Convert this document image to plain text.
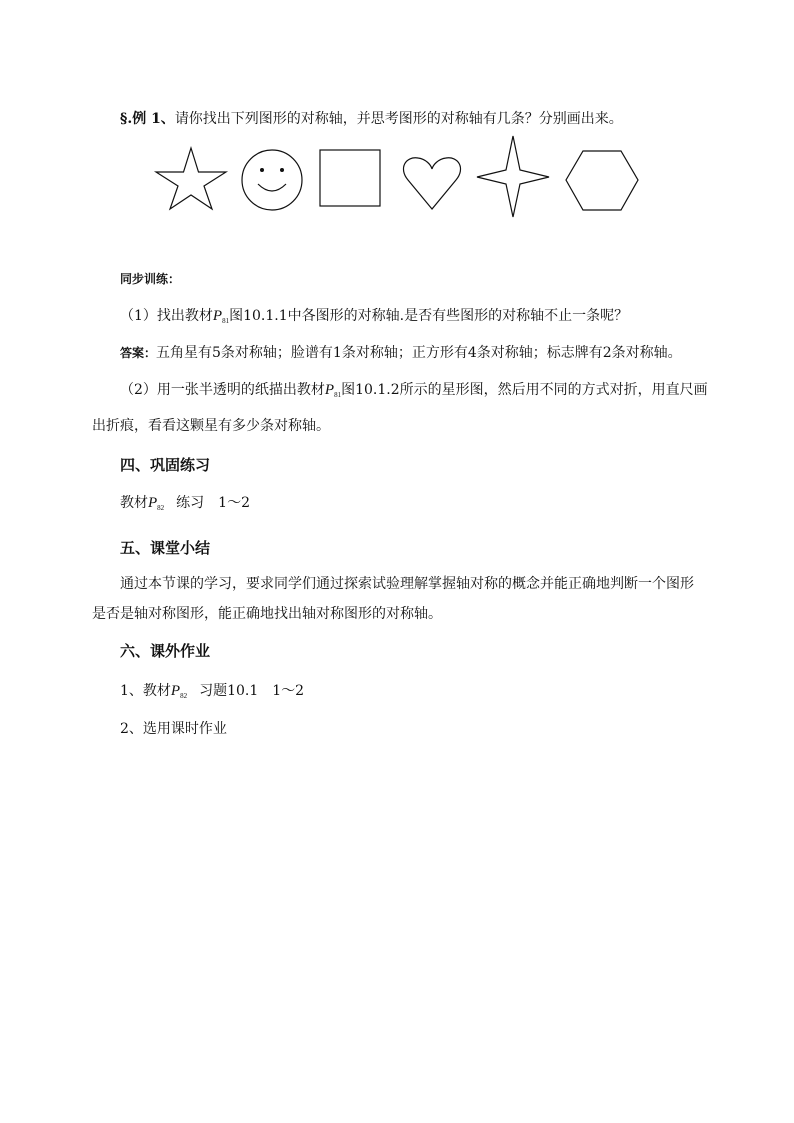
§.例 1、请你找出下列图形的对称轴，并思考图形的对称轴有几条？分别画出来。
同步训练：
（1）找出教材$P_{81}$图10.1.1中各图形的对称轴.是否有些图形的对称轴不止一条呢？
答案：五角星有5条对称轴；脸谱有1条对称轴；正方形有4条对称轴；标志牌有2条对称轴。
（2）用一张半透明的纸描出教材$P_{81}$图10.1.2所示的星形图，然后用不同的方式对折，用直尺画
出折痕，看看这颗星有多少条对称轴。
四、巩固练习
教材$P_{82}$ 练习　1～2
五、课堂小结
通过本节课的学习，要求同学们通过探索试验理解掌握轴对称的概念并能正确地判断一个图形
是否是轴对称图形，能正确地找出轴对称图形的对称轴。
六、课外作业
1、教材$P_{82}$ 习题10.1　1～2
2、选用课时作业
